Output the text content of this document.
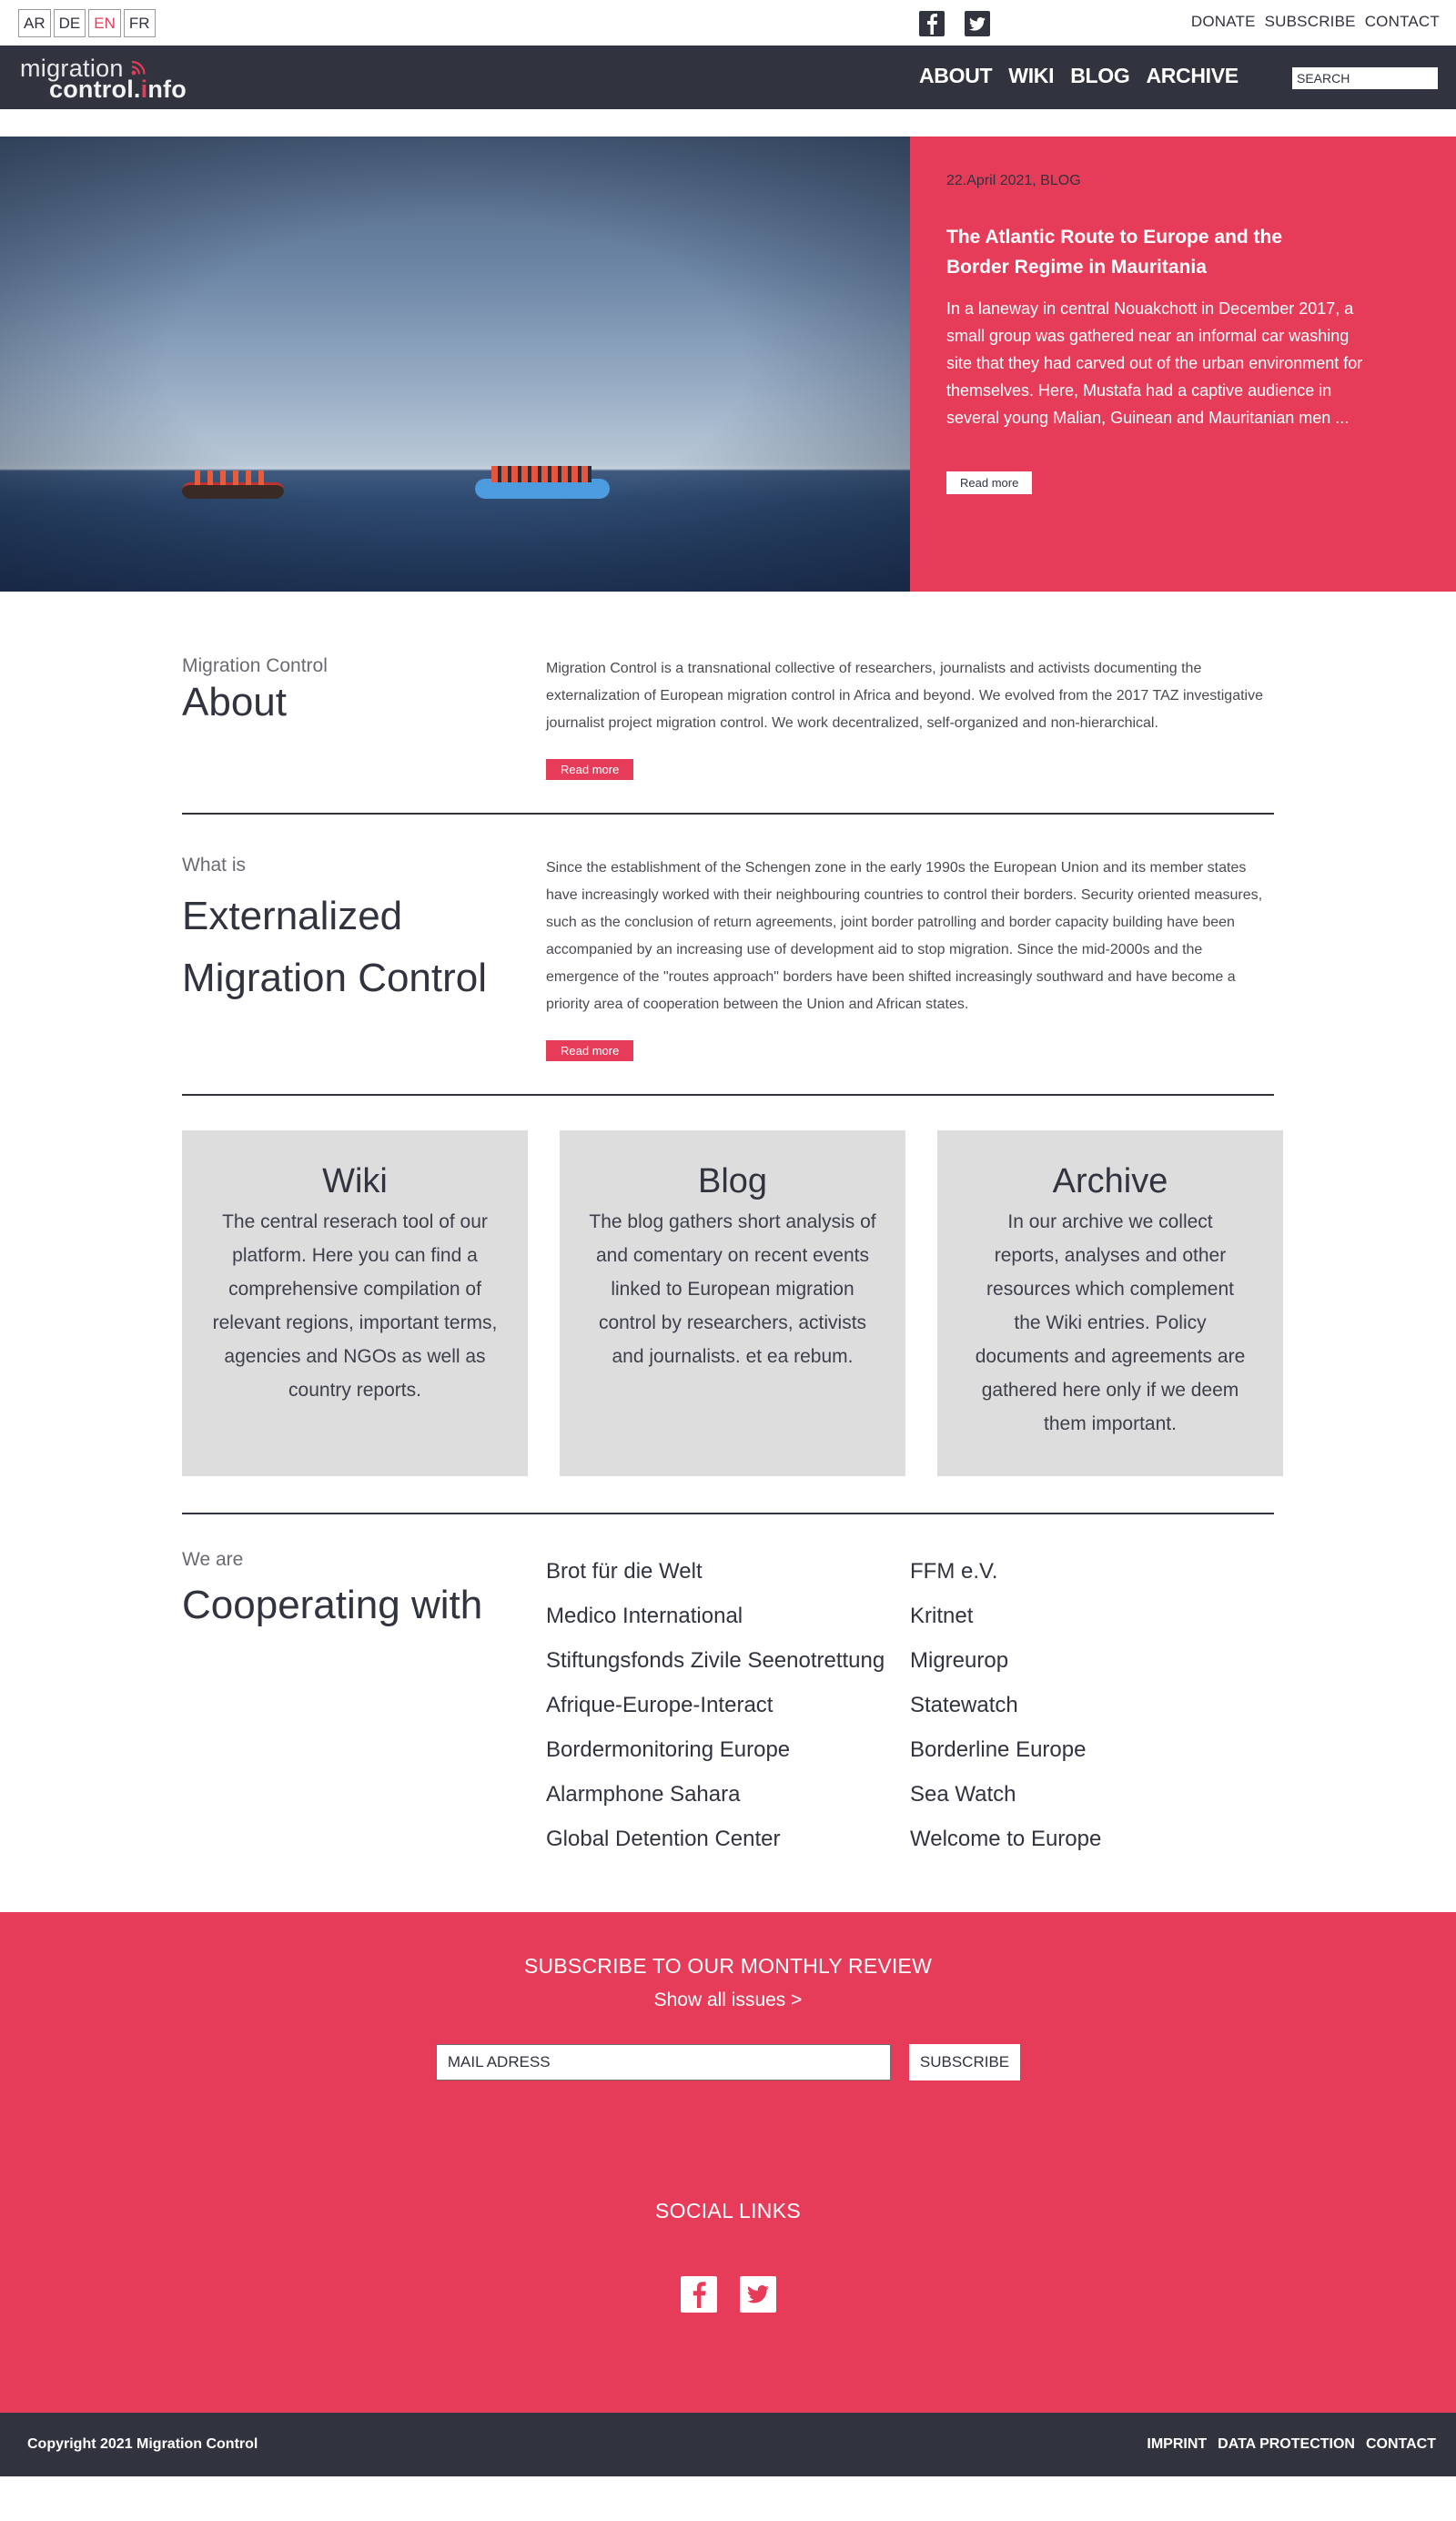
AR DE EN FR	DONATE SUBSCRIBE CONTACT
migration
control.info	ABOUT WIKI BLOG ARCHIVE
SEARCH
22.April 2021, BLOG
The Atlantic Route to Europe and the Border Regime in Mauritania
In a laneway in central Nouakchott in December 2017, a small group was gathered near an informal car washing site that they had carved out of the urban environment for themselves. Here, Mustafa had a captive audience in several young Malian, Guinean and Mauritanian men ...
Read more
Migration Control
About

Migration Control is a transnational collective of researchers, journalists and activists documenting the externalization of European migration control in Africa and beyond. We evolved from the 2017 TAZ investigative journalist project migration control. We work decentralized, self-organized and non-hierarchical.

Read more
What is
Externalized
Migration Control

Since the establishment of the Schengen zone in the early 1990s the European Union and its member states have increasingly worked with their neighbouring countries to control their borders. Security oriented measures, such as the conclusion of return agreements, joint border patrolling and border capacity building have been accompanied by an increasing use of development aid to stop migration. Since the mid-2000s and the emergence of the "routes approach" borders have been shifted increasingly southward and have become a priority area of cooperation between the Union and African states.

Read more
Wiki

The central reserach tool of our platform. Here you can find a comprehensive compilation of relevant regions, important terms, agencies and NGOs as well as country reports.

Blog

The blog gathers short analysis of and comentary on recent events linked to European migration control by researchers, activists and journalists. et ea rebum.

Archive

In our archive we collect reports, analyses and other resources which complement the Wiki entries. Policy documents and agreements are gathered here only if we deem them important.

We are
Cooperating with
Brot für die Welt
Medico International
Stiftungsfonds Zivile Seenotrettung
Afrique-Europe-Interact
Bordermonitoring Europe
Alarmphone Sahara
Global Detention Center
FFM e.V.
Kritnet
Migreurop
Statewatch
Borderline Europe
Sea Watch
Welcome to Europe
SUBSCRIBE TO OUR MONTHLY REVIEW
Show all issues >
MAIL ADRESS
SUBSCRIBE
SOCIAL LINKS
Copyright 2021 Migration Control	IMPRINT DATA PROTECTION CONTACT
